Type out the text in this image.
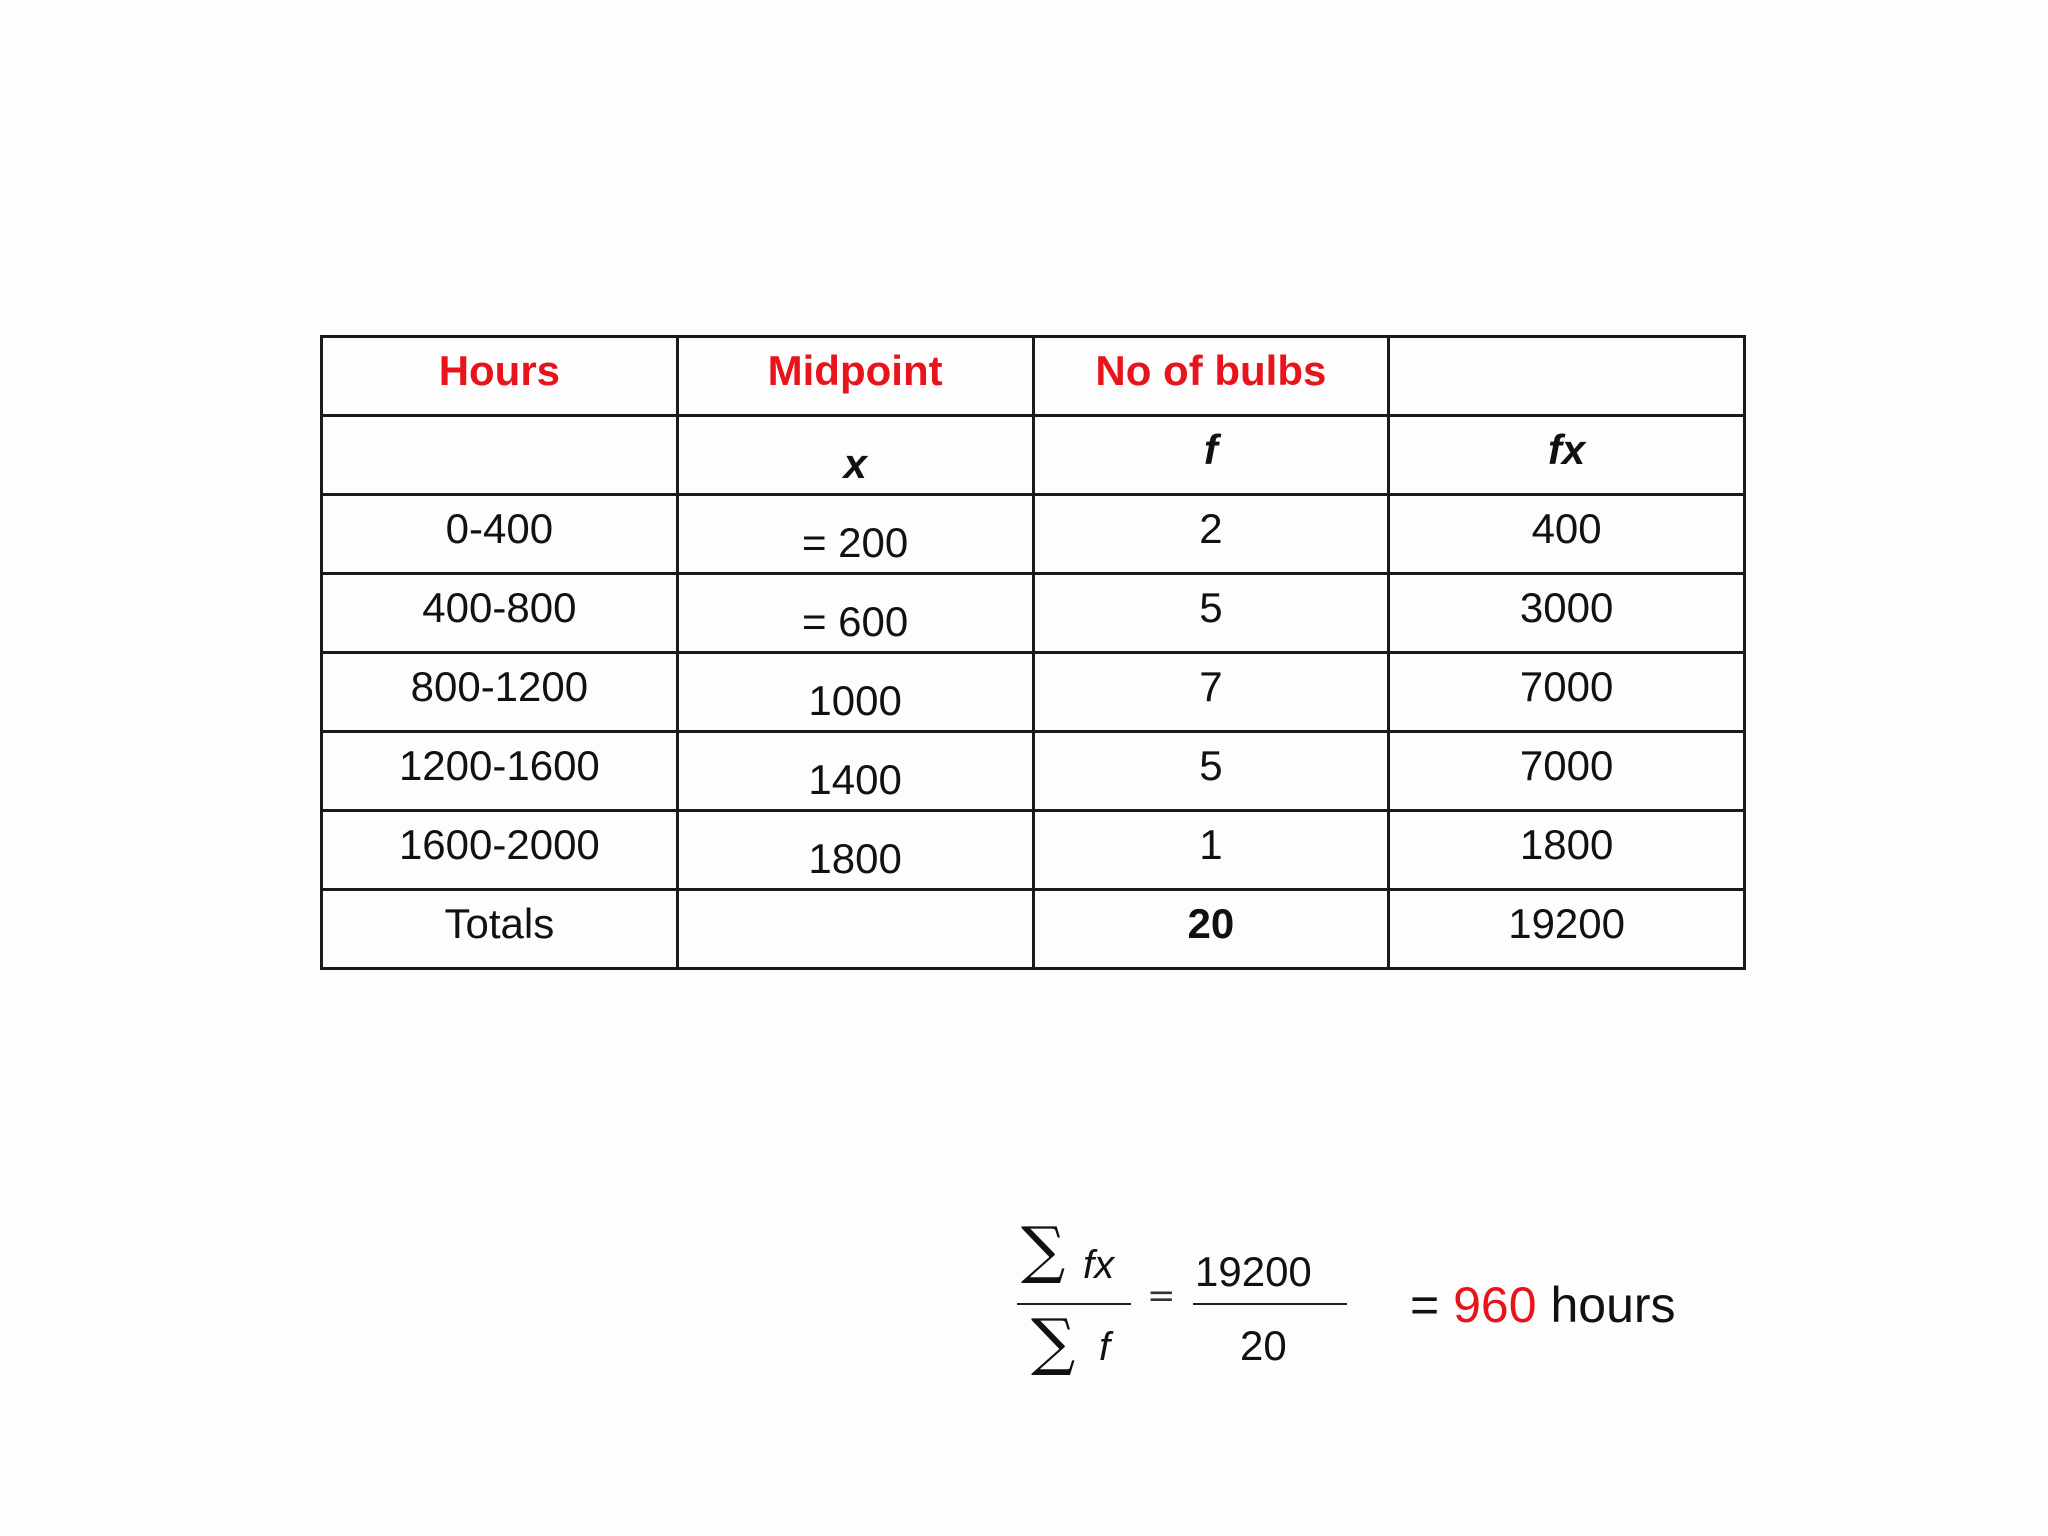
Hours	Midpoint	No of bulbs	

	x	f	fx

0-400	= 200	2	400

400-800	= 600	5	3000

800-1200	1000	7	7000

1200-1600	1400	5	7000

1600-2000	1800	1	1800

Totals		20	19200
∑ fx
∑ f
=
19200
20
= 960 hours
